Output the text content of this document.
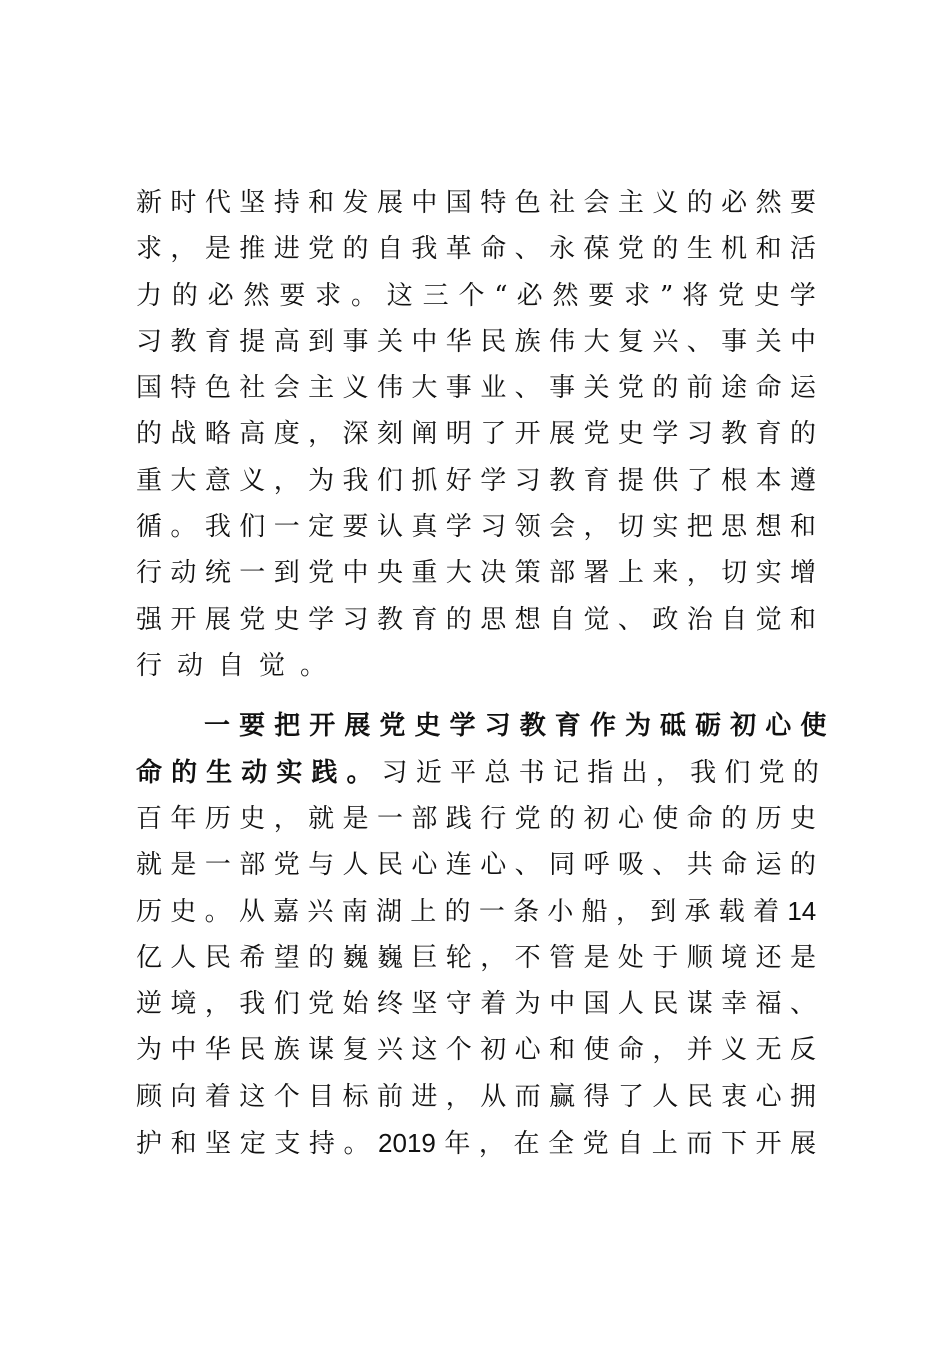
新 时 代 坚 持 和 发 展 中 国 特 色 社 会 主 义 的 必 然 要
求 ， 是 推 进 党 的 自 我 革 命 、 永 葆 党 的 生 机 和 活
力 的 必 然 要 求 。 这 三 个 “ 必 然 要 求 ” 将 党 史 学
习 教 育 提 高 到 事 关 中 华 民 族 伟 大 复 兴 、 事 关 中
国 特 色 社 会 主 义 伟 大 事 业 、 事 关 党 的 前 途 命 运
的 战 略 高 度 ， 深 刻 阐 明 了 开 展 党 史 学 习 教 育 的
重 大 意 义 ， 为 我 们 抓 好 学 习 教 育 提 供 了 根 本 遵
循 。 我 们 一 定 要 认 真 学 习 领 会 ， 切 实 把 思 想 和
行 动 统 一 到 党 中 央 重 大 决 策 部 署 上 来 ， 切 实 增
强 开 展 党 史 学 习 教 育 的 思 想 自 觉 、 政 治 自 觉 和
行动自觉。
一 要 把 开 展 党 史 学 习 教 育 作 为 砥 砺 初 心 使
命 的 生 动 实 践 。 习 近 平 总 书 记 指 出 ， 我 们 党 的
百 年 历 史 ， 就 是 一 部 践 行 党 的 初 心 使 命 的 历 史
就 是 一 部 党 与 人 民 心 连 心 、 同 呼 吸 、 共 命 运 的
历 史 。 从 嘉 兴 南 湖 上 的 一 条 小 船 ， 到 承 载 着 14
亿 人 民 希 望 的 巍 巍 巨 轮 ， 不 管 是 处 于 顺 境 还 是
逆 境 ， 我 们 党 始 终 坚 守 着 为 中 国 人 民 谋 幸 福 、
为 中 华 民 族 谋 复 兴 这 个 初 心 和 使 命 ， 并 义 无 反
顾 向 着 这 个 目 标 前 进 ， 从 而 赢 得 了 人 民 衷 心 拥
护 和 坚 定 支 持 。 2019 年 ， 在 全 党 自 上 而 下 开 展
